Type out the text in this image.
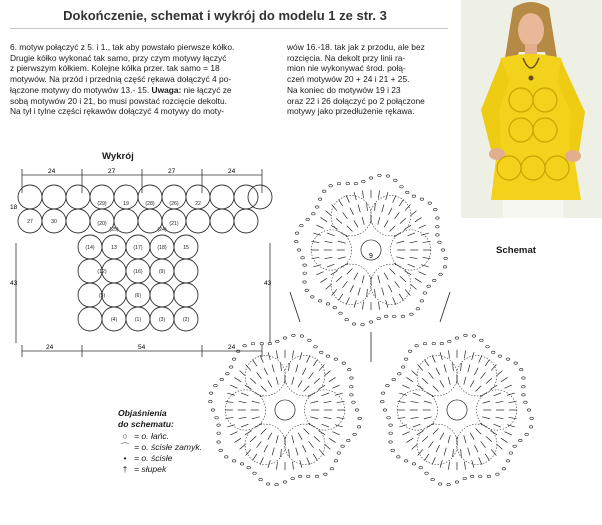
Dokończenie, schemat i wykrój do modelu 1 ze str. 3
6. motyw połączyć z 5. i 1., tak aby powstało pierwsze kółko.
Drugie kółko wykonać tak samo, przy czym motywy łączyć
z pierwszym kółkiem. Kolejne kółka przer. tak samo = 18
motywów. Na przód i przednią część rękawa dołączyć 4 po-
łączone motywy do motywów 13.- 15. Uwaga: nie łączyć ze
sobą motywów 20 i 21, bo musi powstać rozcięcie dekoltu.
Na tył i tylne części rękawów dołączyć 4 motywy do moty-
wów 16.-18. tak jak z przodu, ale bez
rozcięcia. Na dekolt przy linii ra-
mion nie wykonywać środ. połą-
czeń motywów 20 + 24 i 21 + 25.
Na koniec do motywów 19 i 23
oraz 22 i 26 dołączyć po 2 połączone
motywy jako przedłużenie rękawa.
Wykrój
24	27	27	24
18
43	43
24	54	24
27	30
(29)	19	(28)	(26)	22
(20)
(25)	(24)
(21)
(14)	13	(17)	(18)	15
(12)	(16)	(9)
(5)	(6)
(4)	(1)	(3)	(2)
9
Schemat
Objaśnienia
do schematu:
○ = o. łańc.
⌒ = o. ścisłe zamyk.
• = o. ścisłe
† = słupek
